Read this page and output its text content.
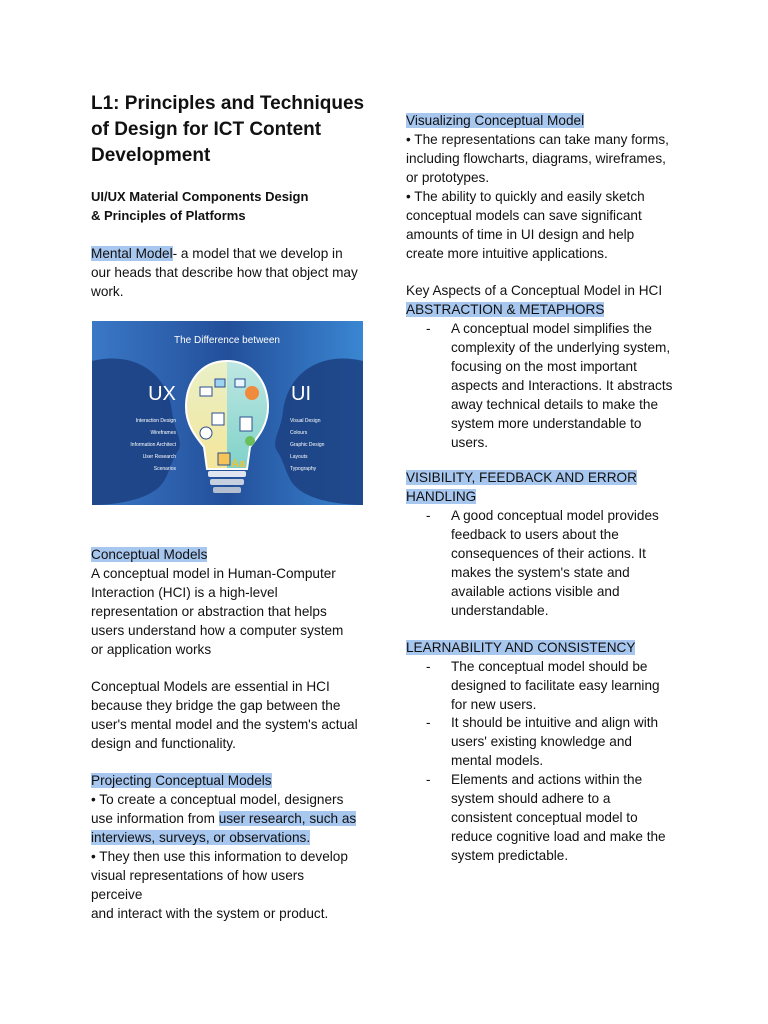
L1: Principles and Techniques
of Design for ICT Content
Development
UI/UX Material Components Design
& Principles of Platforms
Mental Model- a model that we develop in
our heads that describe how that object may
work.
Conceptual Models
A conceptual model in Human-Computer
Interaction (HCI) is a high-level
representation or abstraction that helps
users understand how a computer system
or application works
Conceptual Models are essential in HCI
because they bridge the gap between the
user's mental model and the system's actual
design and functionality.
Projecting Conceptual Models
• To create a conceptual model, designers
use information from user research, such as
interviews, surveys, or observations.
• They then use this information to develop
visual representations of how users
perceive
and interact with the system or product.
Aa
The Difference between
UX	UI
Interaction Design
Wireframes
Information Architect
User Research
Scenarios
Visual Design
Colours
Graphic Design
Layouts
Typography
Visualizing Conceptual Model
• The representations can take many forms,
including flowcharts, diagrams, wireframes,
or prototypes.
• The ability to quickly and easily sketch
conceptual models can save significant
amounts of time in UI design and help
create more intuitive applications.
Key Aspects of a Conceptual Model in HCI
ABSTRACTION & METAPHORS
- A conceptual model simplifies the
complexity of the underlying system,
focusing on the most important
aspects and Interactions. It abstracts
away technical details to make the
system more understandable to
users.
VISIBILITY, FEEDBACK AND ERROR
HANDLING
- A good conceptual model provides
feedback to users about the
consequences of their actions. It
makes the system's state and
available actions visible and
understandable.
LEARNABILITY AND CONSISTENCY
- The conceptual model should be
designed to facilitate easy learning
for new users.
- It should be intuitive and align with
users' existing knowledge and
mental models.
- Elements and actions within the
system should adhere to a
consistent conceptual model to
reduce cognitive load and make the
system predictable.
